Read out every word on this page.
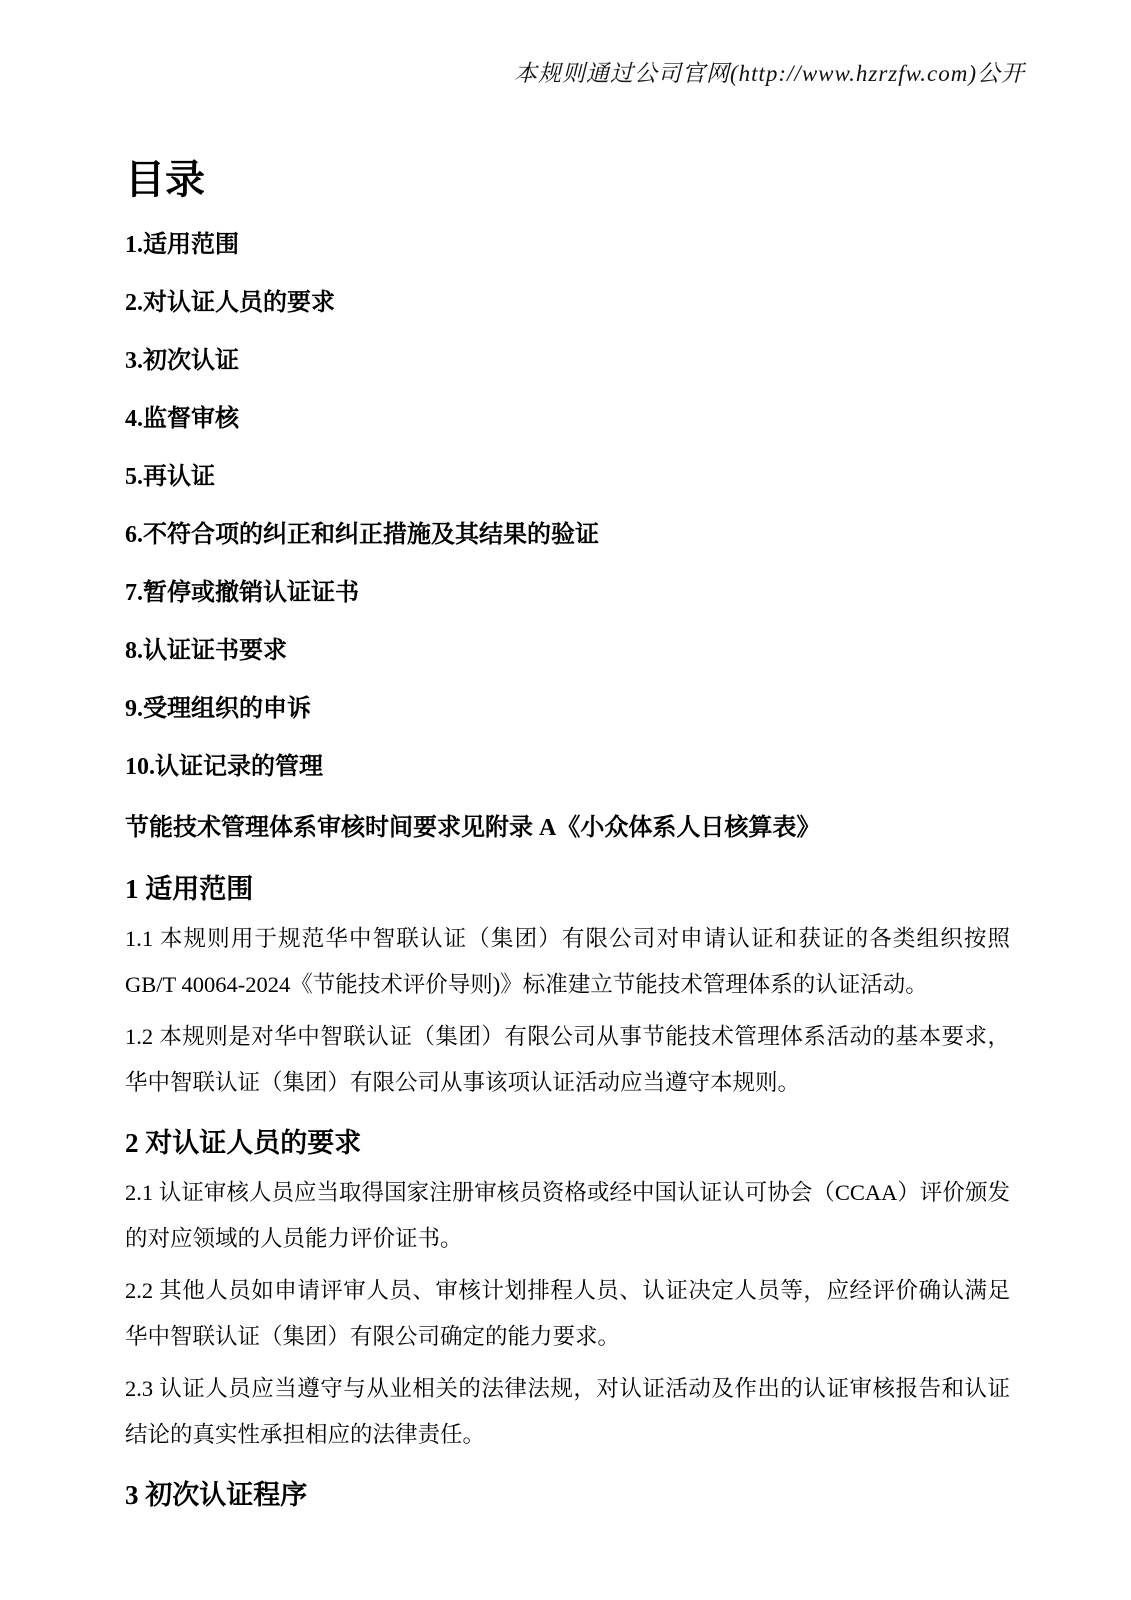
本规则通过公司官网(http://www.hzrzfw.com)公开
目录
1.适用范围
2.对认证人员的要求
3.初次认证
4.监督审核
5.再认证
6.不符合项的纠正和纠正措施及其结果的验证
7.暂停或撤销认证证书
8.认证证书要求
9.受理组织的申诉
10.认证记录的管理
节能技术管理体系审核时间要求见附录 A《小众体系人日核算表》
1 适用范围

1.1 本规则用于规范华中智联认证（集团）有限公司对申请认证和获证的各类组织按照 GB/T 40064-2024《节能技术评价导则)》标准建立节能技术管理体系的认证活动。

1.2 本规则是对华中智联认证（集团）有限公司从事节能技术管理体系活动的基本要求，华中智联认证（集团）有限公司从事该项认证活动应当遵守本规则。

2 对认证人员的要求

2.1 认证审核人员应当取得国家注册审核员资格或经中国认证认可协会（CCAA）评价颁发的对应领域的人员能力评价证书。

2.2 其他人员如申请评审人员、审核计划排程人员、认证决定人员等，应经评价确认满足华中智联认证（集团）有限公司确定的能力要求。

2.3 认证人员应当遵守与从业相关的法律法规，对认证活动及作出的认证审核报告和认证结论的真实性承担相应的法律责任。

3 初次认证程序
